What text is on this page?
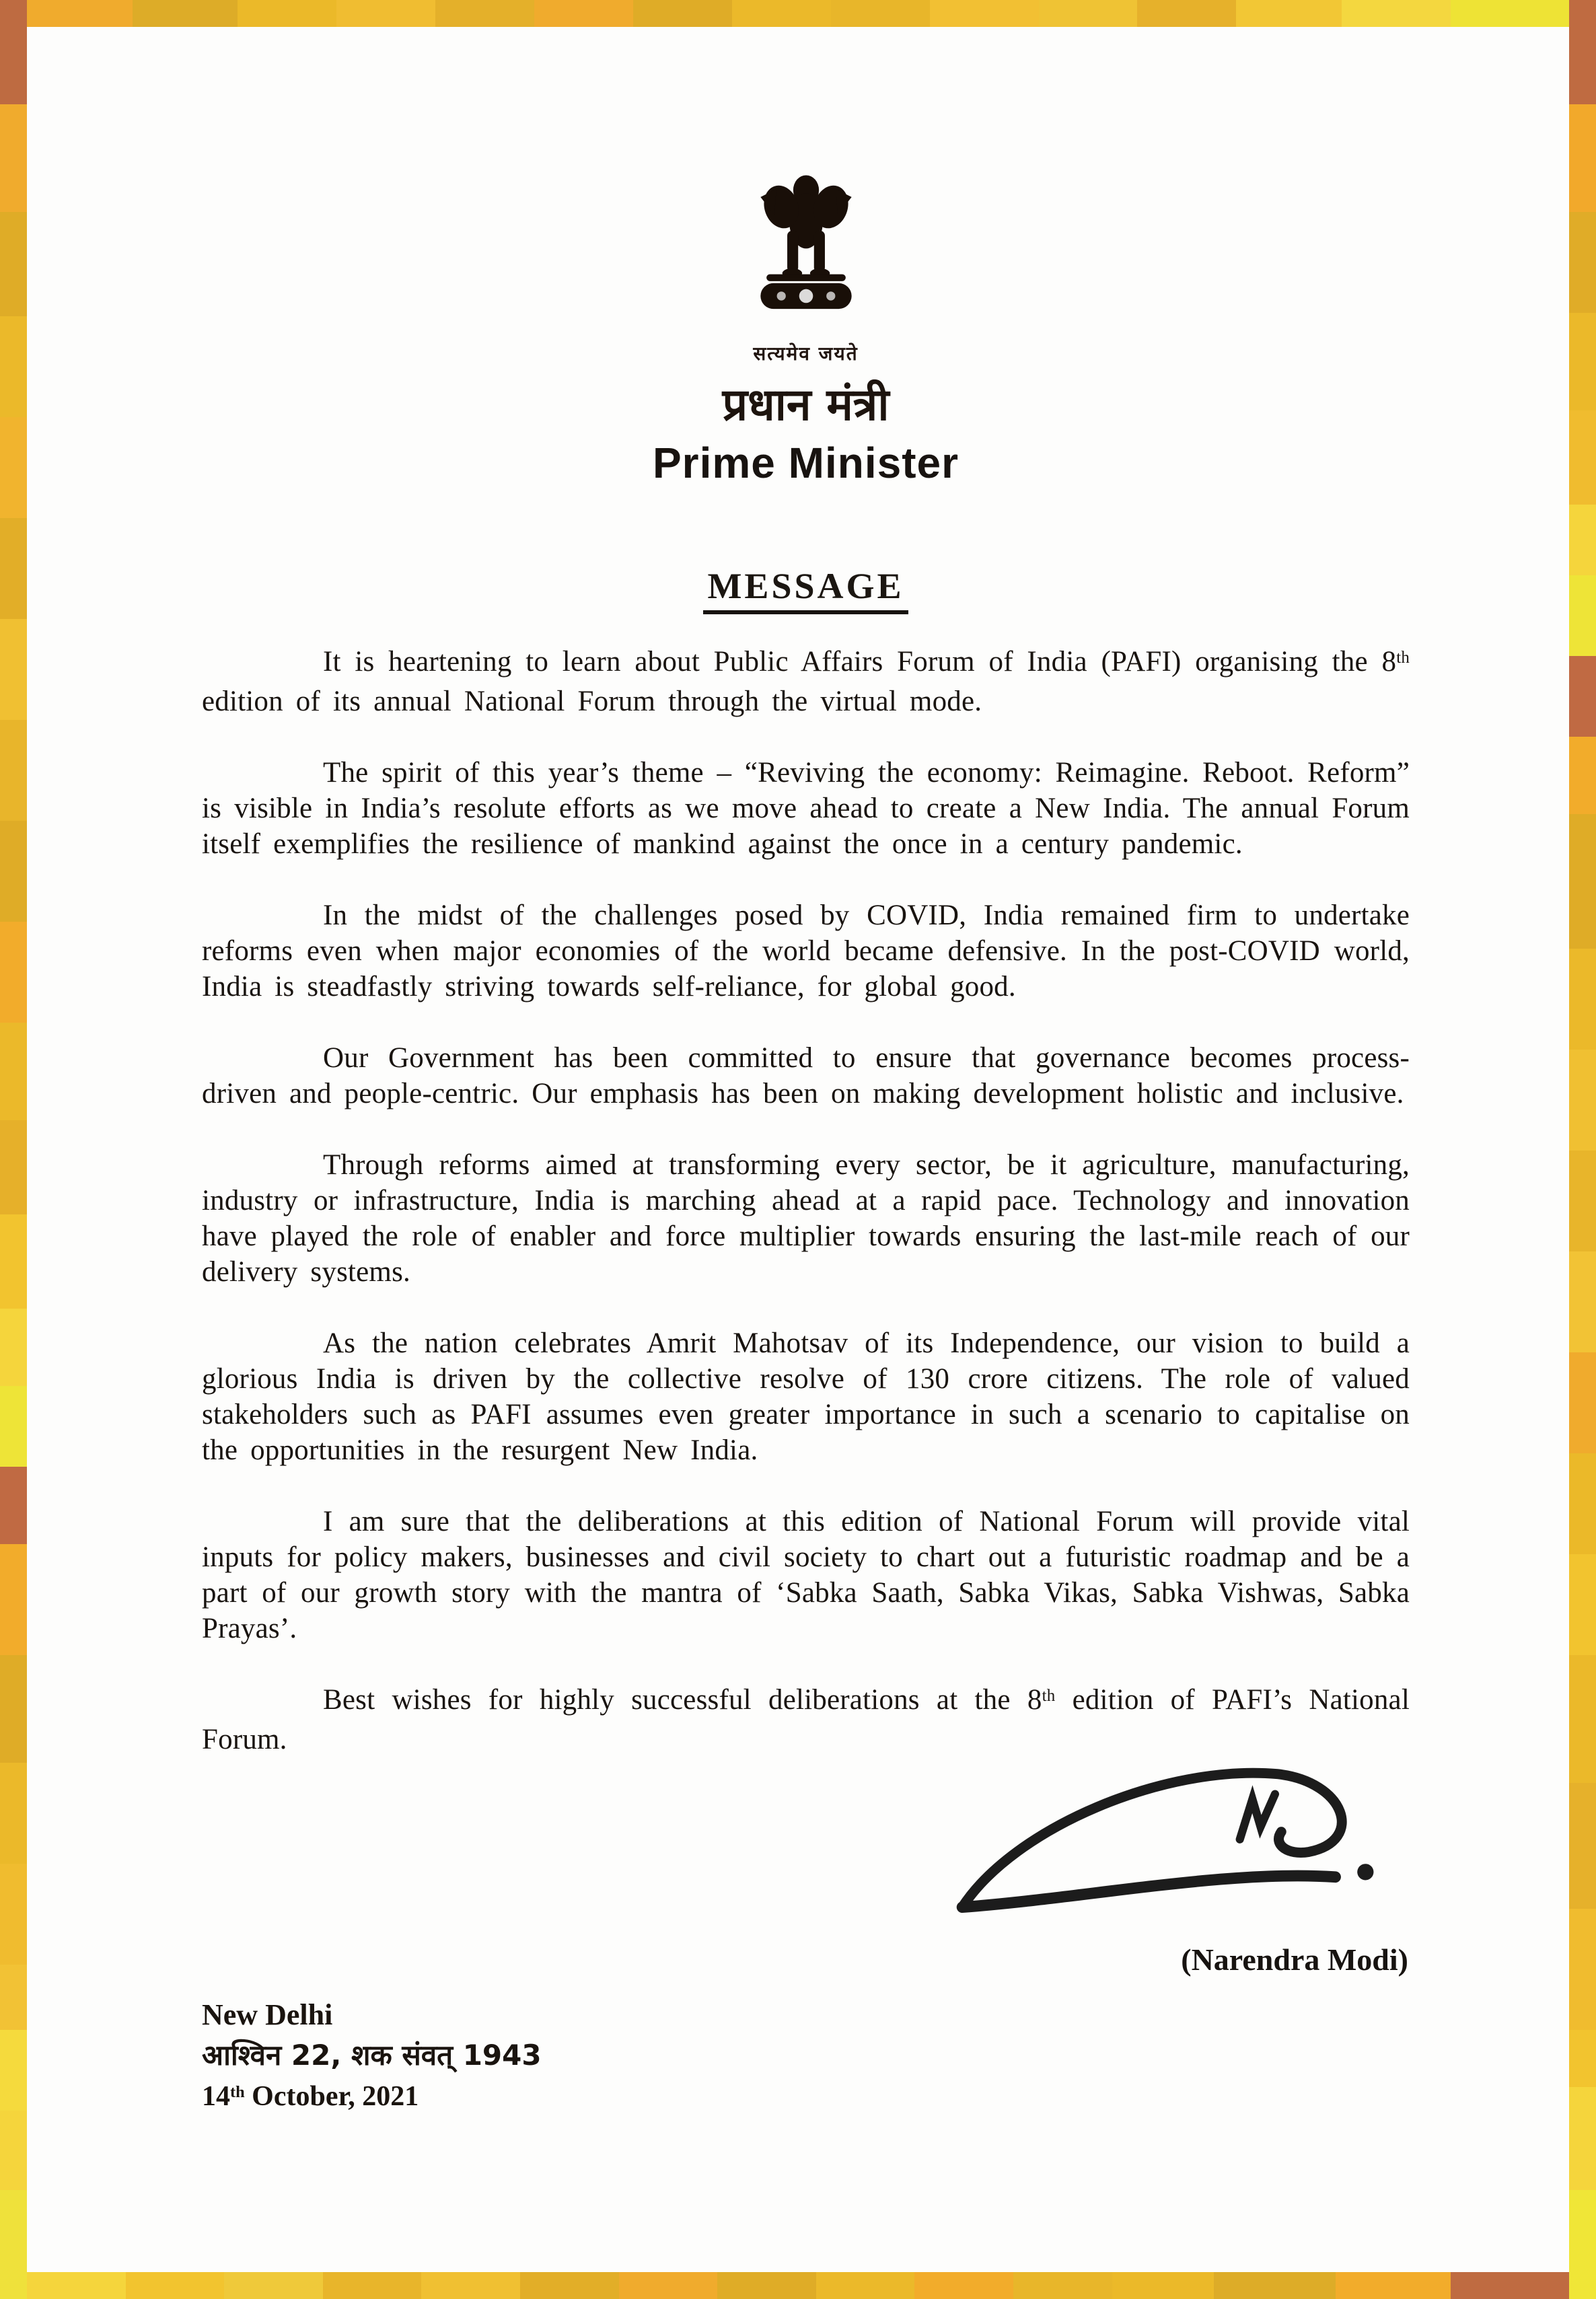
सत्यमेव जयते
प्रधान मंत्री
Prime Minister
MESSAGE

It is heartening to learn about Public Affairs Forum of India (PAFI) organising the 8th edition of its annual National Forum through the virtual mode.

The spirit of this year’s theme – “Reviving the economy: Reimagine. Reboot. Reform” is visible in India’s resolute efforts as we move ahead to create a New India. The annual Forum itself exemplifies the resilience of mankind against the once in a century pandemic.

In the midst of the challenges posed by COVID, India remained firm to undertake reforms even when major economies of the world became defensive. In the post-COVID world, India is steadfastly striving towards self-reliance, for global good.

Our Government has been committed to ensure that governance becomes process-driven and people-centric. Our emphasis has been on making development holistic and inclusive.

Through reforms aimed at transforming every sector, be it agriculture, manufacturing, industry or infrastructure, India is marching ahead at a rapid pace. Technology and innovation have played the role of enabler and force multiplier towards ensuring the last-mile reach of our delivery systems.

As the nation celebrates Amrit Mahotsav of its Independence, our vision to build a glorious India is driven by the collective resolve of 130 crore citizens. The role of valued stakeholders such as PAFI assumes even greater importance in such a scenario to capitalise on the opportunities in the resurgent New India.

I am sure that the deliberations at this edition of National Forum will provide vital inputs for policy makers, businesses and civil society to chart out a futuristic roadmap and be a part of our growth story with the mantra of ‘Sabka Saath, Sabka Vikas, Sabka Vishwas, Sabka Prayas’.

Best wishes for highly successful deliberations at the 8th edition of PAFI’s National Forum.

(Narendra Modi)
New Delhi
आश्विन 22, शक संवत् 1943
14th October, 2021
